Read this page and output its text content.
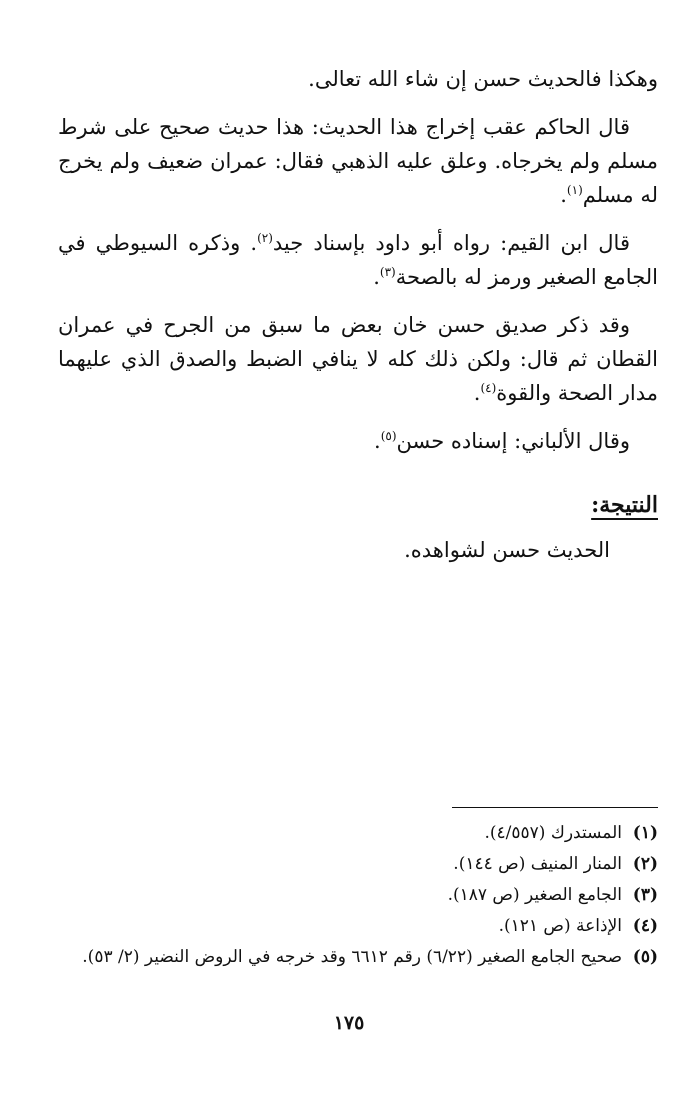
وهكذا فالحديث حسن إن شاء الله تعالى.

قال الحاكم عقب إخراج هذا الحديث: هذا حديث صحيح على شرط مسلم ولم يخرجاه. وعلق عليه الذهبي فقال: عمران ضعيف ولم يخرج له مسلم$^{(١)}$.

قال ابن القيم: رواه أبو داود بإسناد جيد$^{(٢)}$. وذكره السيوطي في الجامع الصغير ورمز له بالصحة$^{(٣)}$.

وقد ذكر صديق حسن خان بعض ما سبق من الجرح في عمران القطان ثم قال: ولكن ذلك كله لا ينافي الضبط والصدق الذي عليهما مدار الصحة والقوة$^{(٤)}$.

وقال الألباني: إسناده حسن$^{(٥)}$.

النتيجة:
الحديث حسن لشواهده.
(١)
المستدرك (٤/٥٥٧).
(٢)
المنار المنيف (ص ١٤٤).
(٣)
الجامع الصغير (ص ١٨٧).
(٤)
الإذاعة (ص ١٢١).
(٥)
صحيح الجامع الصغير (٦/٢٢) رقم ٦٦١٢ وقد خرجه في الروض النضير (٢/ ٥٣).
١٧٥
